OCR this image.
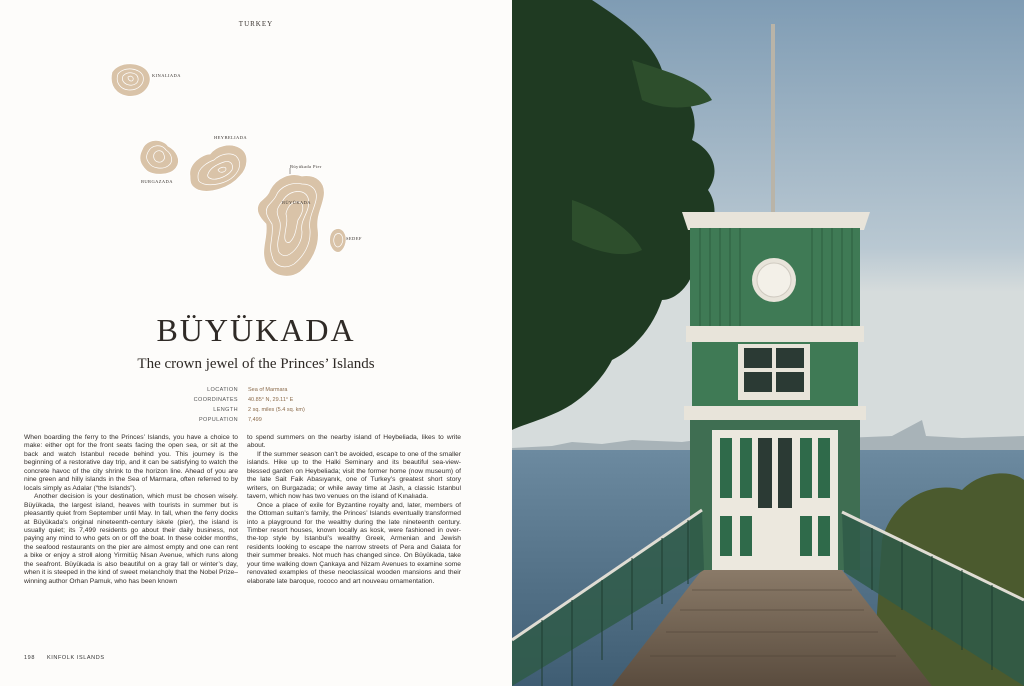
TURKEY
KINALIADA
HEYBELIADA
BURGAZADA
Büyükada Pier
BÜYÜKADA
SEDEF
BÜYÜKADA
The crown jewel of the Princes’ Islands
LOCATION	Sea of Marmara
COORDINATES	40.85° N, 29.11° E
LENGTH	2 sq. miles (5.4 sq. km)
POPULATION	7,499

When boarding the ferry to the Princes’ Islands, you have a choice to make: either opt for the front seats facing the open sea, or sit at the back and watch Istanbul recede behind you. This journey is the beginning of a restorative day trip, and it can be satisfying to watch the concrete havoc of the city shrink to the horizon line. Ahead of you are nine green and hilly islands in the Sea of Marmara, often referred to by locals simply as Adalar (“the Islands”).

Another decision is your destination, which must be chosen wisely. Büyükada, the largest island, heaves with tourists in summer but is pleasantly quiet from September until May. In fall, when the ferry docks at Büyükada’s original nineteenth-century iskele (pier), the island is usually quiet; its 7,499 residents go about their daily business, not paying any mind to who gets on or off the boat. In these colder months, the seafood restaurants on the pier are almost empty and one can rent a bike or enjoy a stroll along Yirmitüç Nisan Avenue, which runs along the seafront. Büyükada is also beautiful on a gray fall or winter’s day, when it is steeped in the kind of sweet melancholy that the Nobel Prize–winning author Orhan Pamuk, who has been known

to spend summers on the nearby island of Heybeliada, likes to write about.

If the summer season can’t be avoided, escape to one of the smaller islands. Hike up to the Halki Seminary and its beautiful sea-view-blessed garden on Heybeliada; visit the former home (now museum) of the late Sait Faik Abasıyanık, one of Turkey’s greatest short story writers, on Burgazada; or while away time at Jash, a classic Istanbul tavern, which now has two venues on the island of Kınalıada.

Once a place of exile for Byzantine royalty and, later, members of the Ottoman sultan’s family, the Princes’ Islands eventually transformed into a playground for the wealthy during the late nineteenth century. Timber resort houses, known locally as kosk, were fashioned in over-the-top style by Istanbul’s wealthy Greek, Armenian and Jewish residents looking to escape the narrow streets of Pera and Galata for their summer breaks. Not much has changed since. On Büyükada, take your time walking down Çankaya and Nizam Avenues to examine some renovated examples of these neoclassical wooden mansions and their elaborate late baroque, rococo and art nouveau ornamentation.

198 KINFOLK ISLANDS
